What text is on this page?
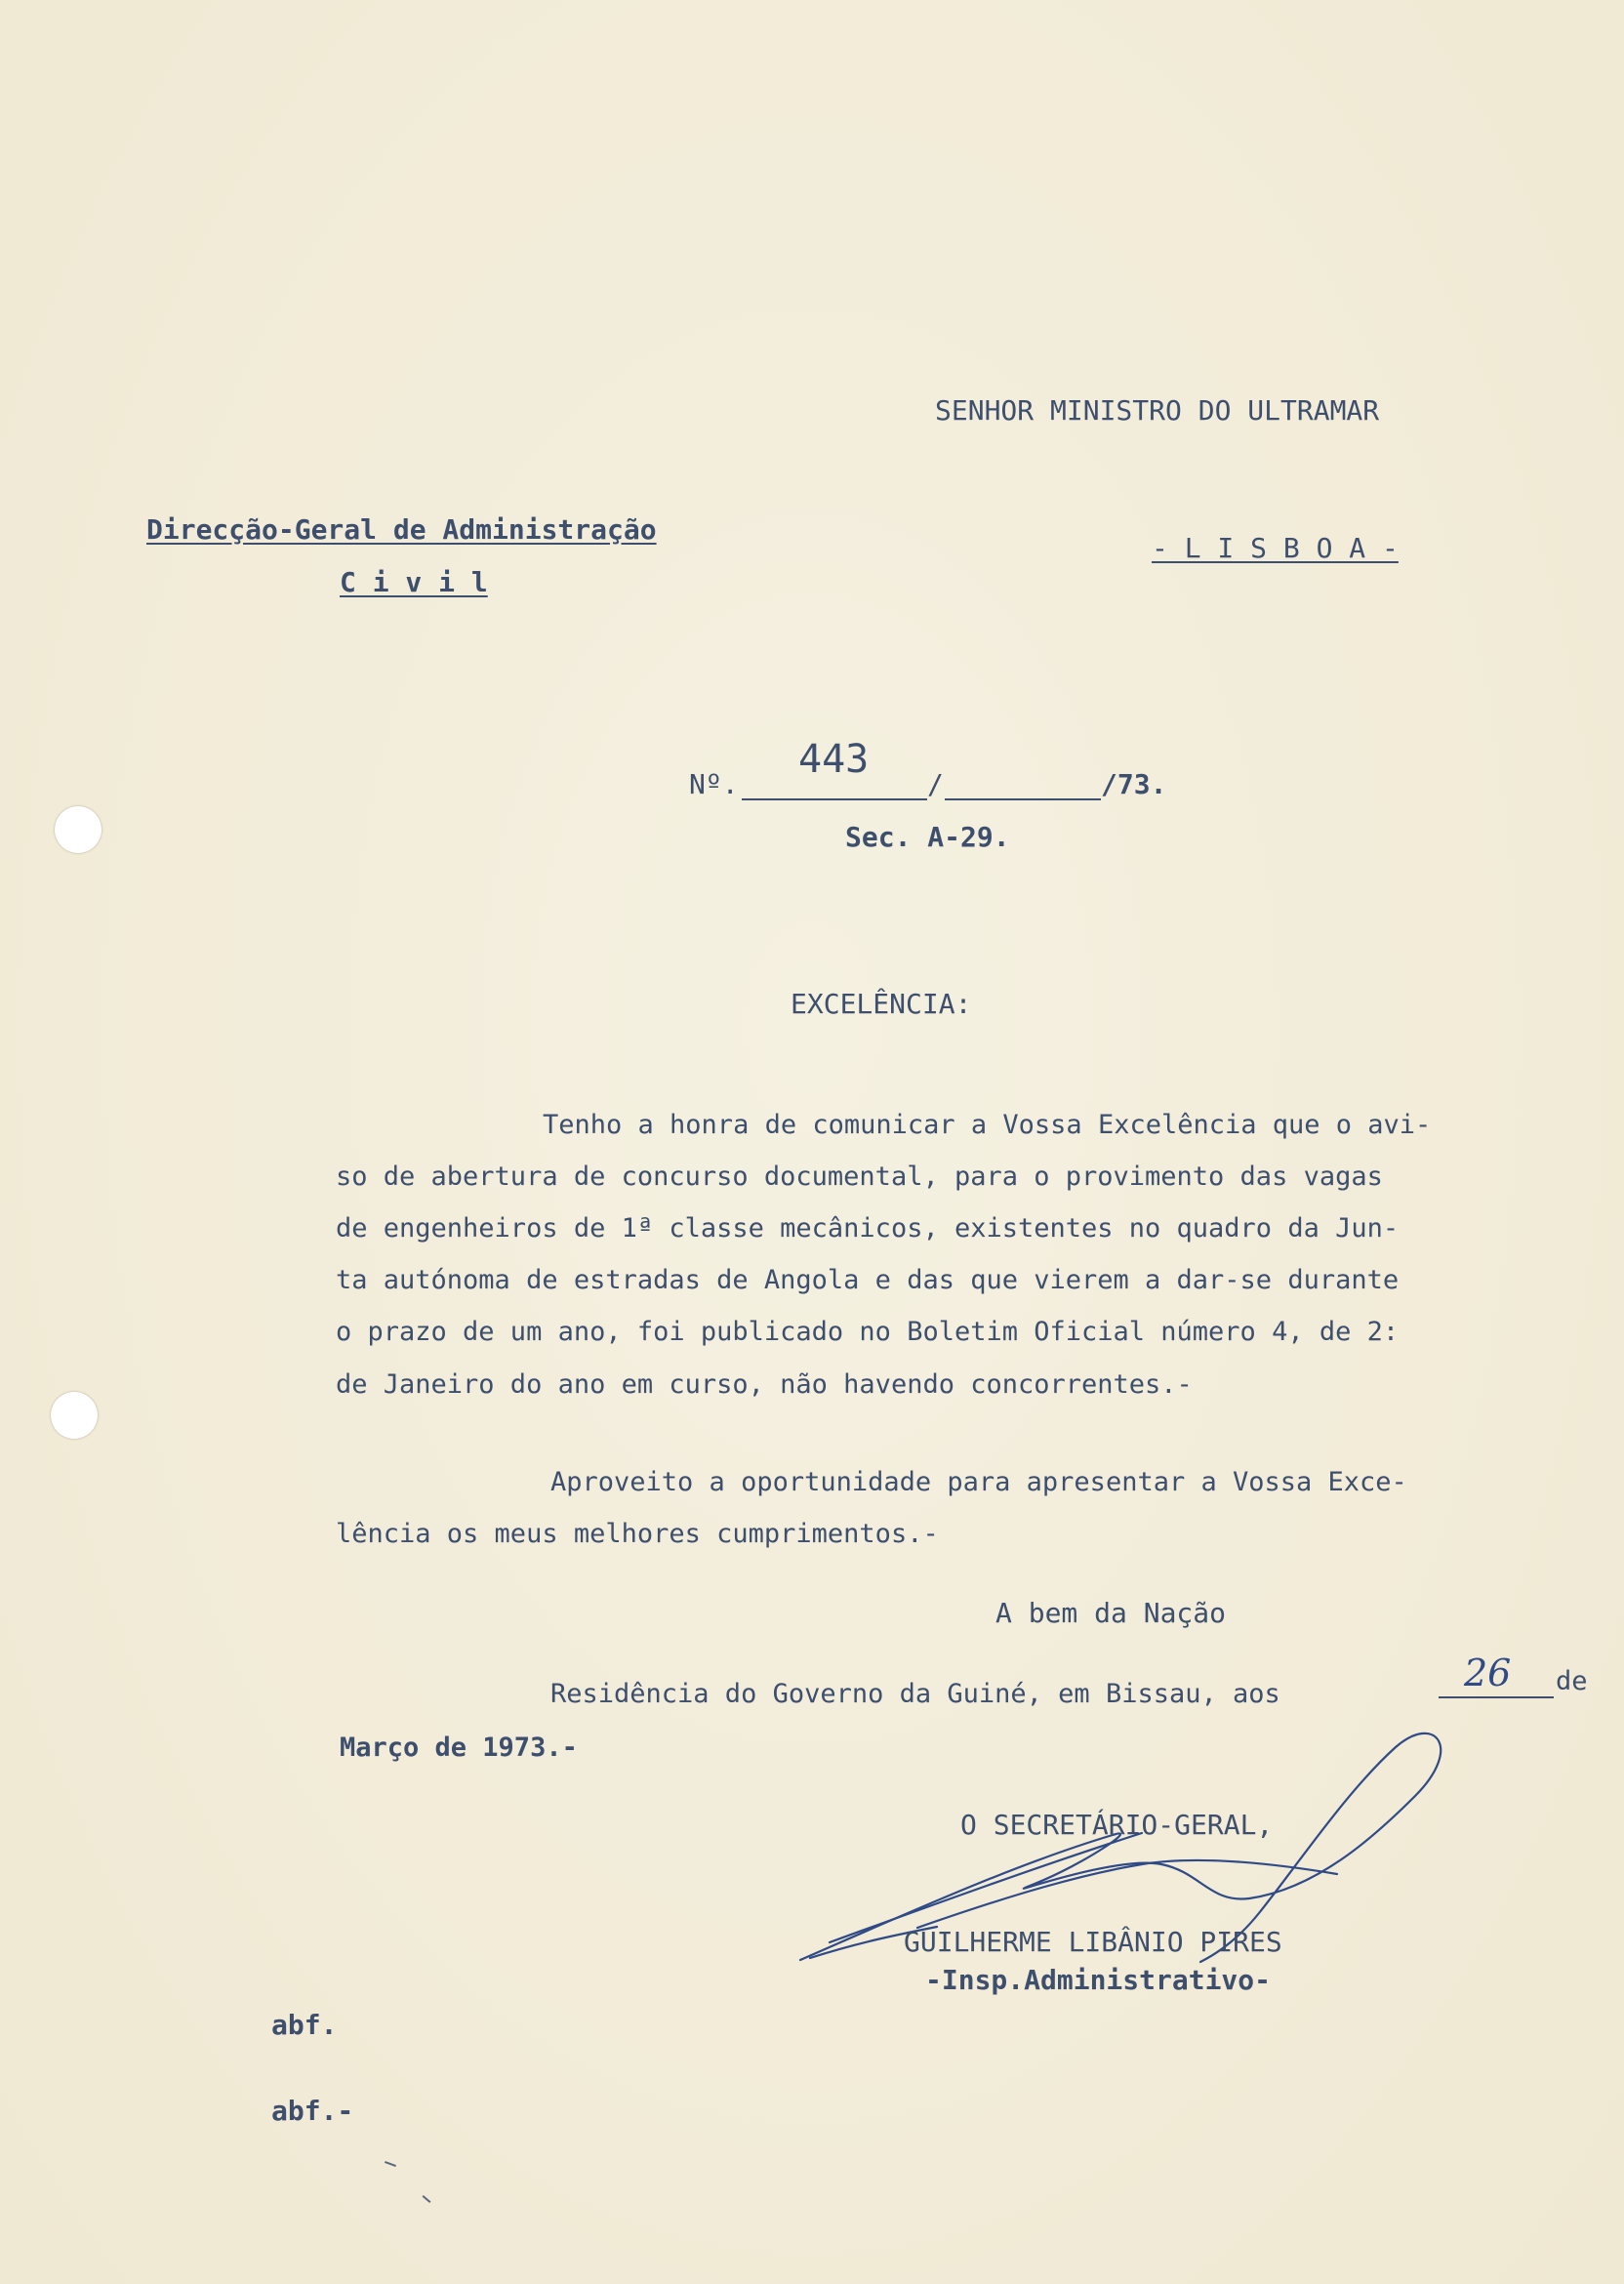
SENHOR MINISTRO DO ULTRAMAR
- L I S B O A -
Direcção-Geral de Administração
C i v i l
Nº.
443
/	/73.
Sec. A-29.
EXCELÊNCIA:
Tenho a honra de comunicar a Vossa Excelência que o avi-
so de abertura de concurso documental, para o provimento das vagas
de engenheiros de 1ª classe mecânicos, existentes no quadro da Jun-
ta autónoma de estradas de Angola e das que vierem a dar-se durante
o prazo de um ano, foi publicado no Boletim Oficial número 4, de 2:
de Janeiro do ano em curso, não havendo concorrentes.-
Aproveito a oportunidade para apresentar a Vossa Exce-
lência os meus melhores cumprimentos.-
A bem da Nação
Residência do Governo da Guiné, em Bissau, aos	26 de
Março de 1973.-
O SECRETÁRIO-GERAL,
GUILHERME LIBÂNIO PIRES
-Insp.Administrativo-
abf.
abf.-
